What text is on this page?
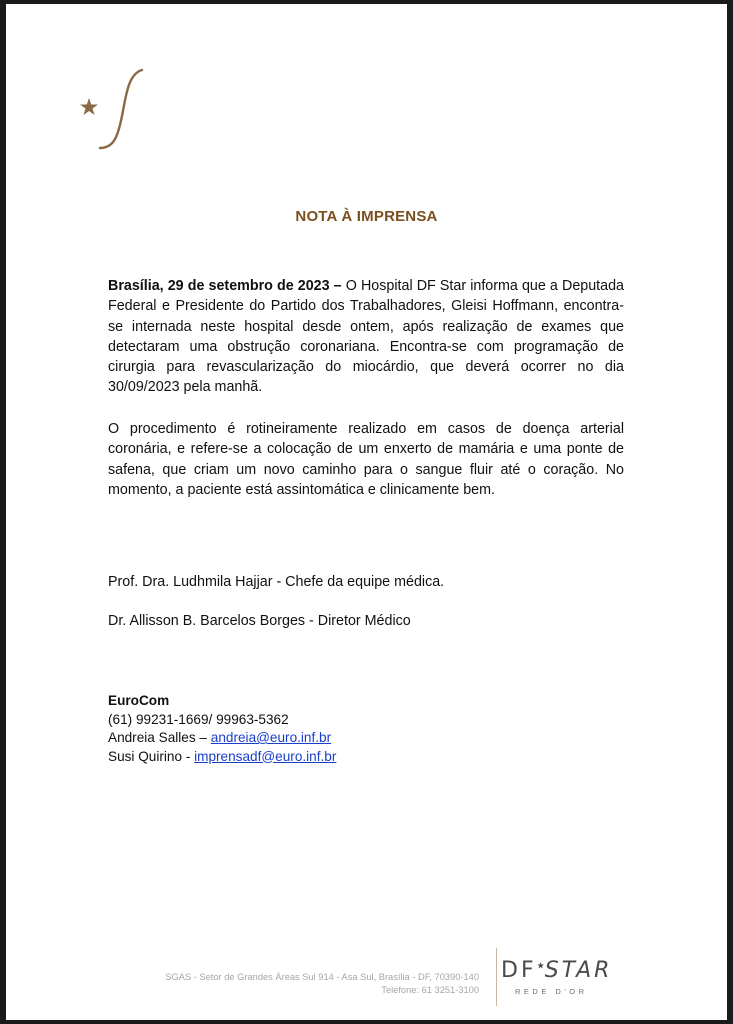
NOTA À IMPRENSA

Brasília, 29 de setembro de 2023 – O Hospital DF Star informa que a Deputada Federal e Presidente do Partido dos Trabalhadores, Gleisi Hoffmann, encontra-se internada neste hospital desde ontem, após realização de exames que detectaram uma obstrução coronariana. Encontra-se com programação de cirurgia para revascularização do miocárdio, que deverá ocorrer no dia 30/09/2023 pela manhã.

O procedimento é rotineiramente realizado em casos de doença arterial coronária, e refere-se a colocação de um enxerto de mamária e uma ponte de safena, que criam um novo caminho para o sangue fluir até o coração. No momento, a paciente está assintomática e clinicamente bem.

Prof. Dra. Ludhmila Hajjar - Chefe da equipe médica.
Dr. Allisson B. Barcelos Borges - Diretor Médico
EuroCom
(61) 99231-1669/ 99963-5362
Andreia Salles – andreia@euro.inf.br
Susi Quirino - imprensadf@euro.inf.br
SGAS - Setor de Grandes Áreas Sul 914 - Asa Sul, Brasília - DF, 70390-140
Telefone: 61 3251-3100
DF★STAR
REDE D'OR
